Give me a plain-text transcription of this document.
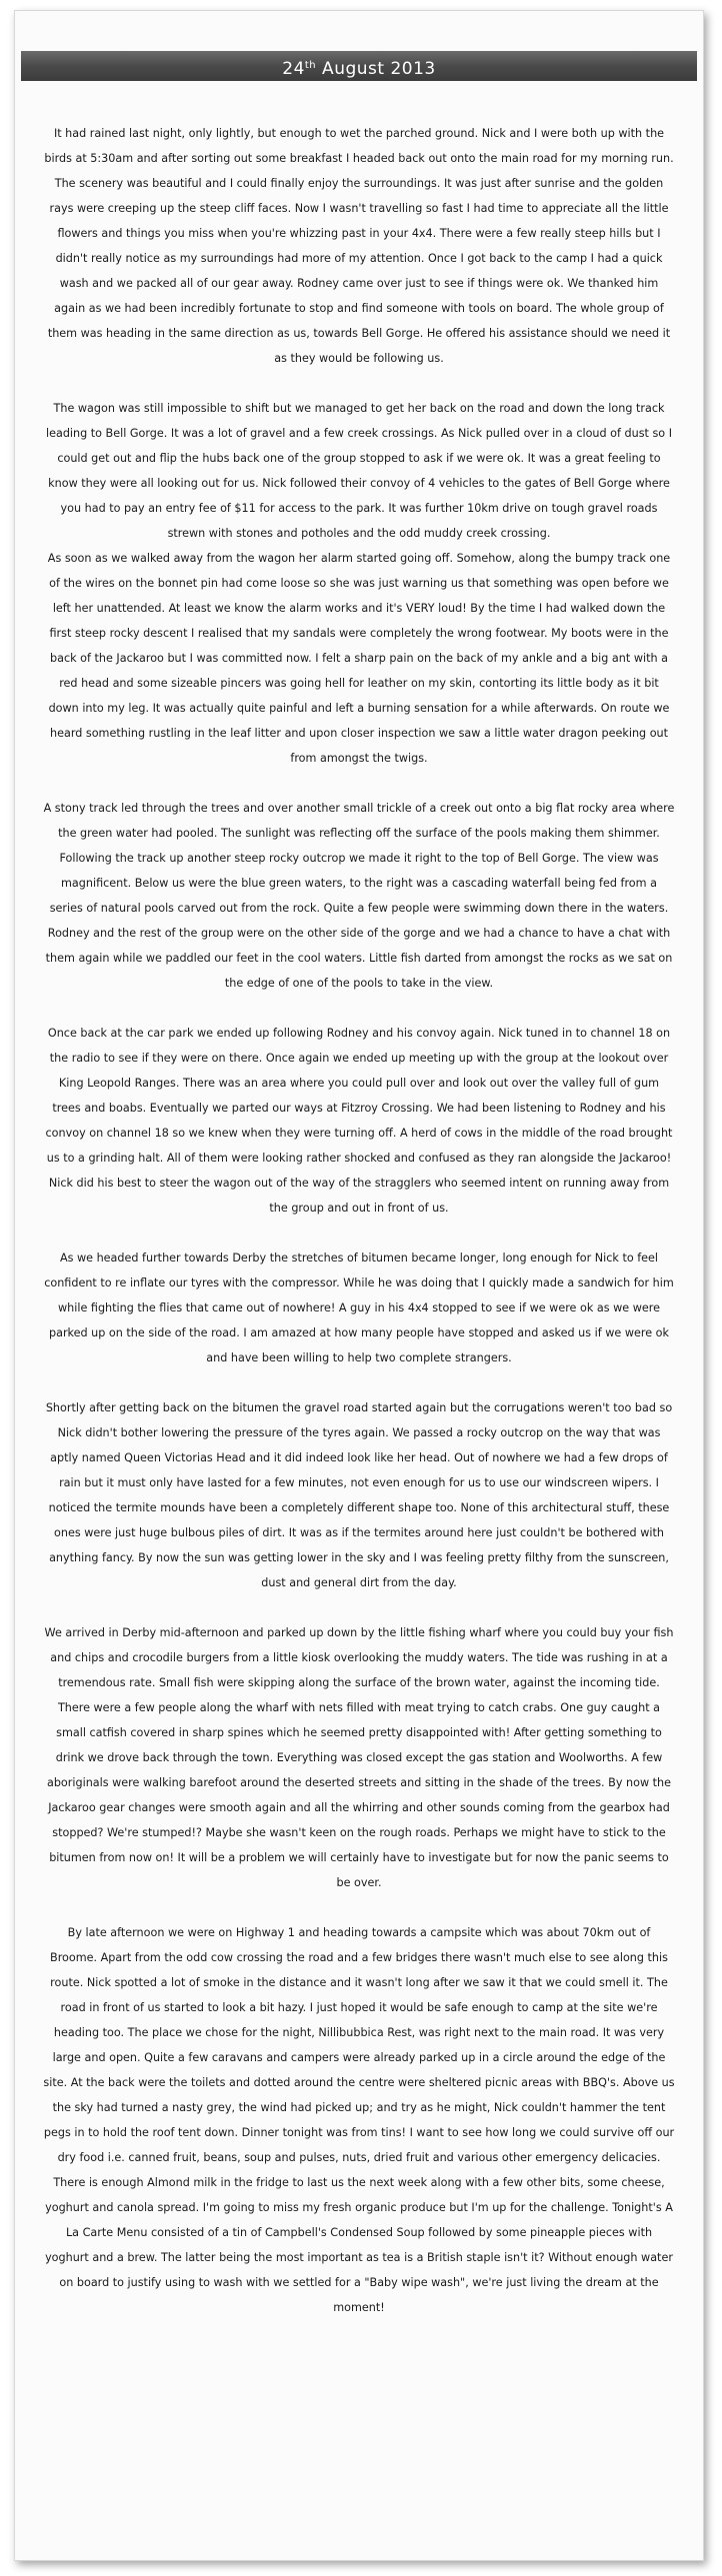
24th August 2013

It had rained last night, only lightly, but enough to wet the parched ground. Nick and I were both up with the birds at 5:30am and after sorting out some breakfast I headed back out onto the main road for my morning run. The scenery was beautiful and I could finally enjoy the surroundings. It was just after sunrise and the golden rays were creeping up the steep cliff faces. Now I wasn't travelling so fast I had time to appreciate all the little flowers and things you miss when you're whizzing past in your 4x4. There were a few really steep hills but I didn't really notice as my surroundings had more of my attention. Once I got back to the camp I had a quick wash and we packed all of our gear away. Rodney came over just to see if things were ok. We thanked him again as we had been incredibly fortunate to stop and find someone with tools on board. The whole group of them was heading in the same direction as us, towards Bell Gorge. He offered his assistance should we need it as they would be following us.

The wagon was still impossible to shift but we managed to get her back on the road and down the long track leading to Bell Gorge. It was a lot of gravel and a few creek crossings. As Nick pulled over in a cloud of dust so I could get out and flip the hubs back one of the group stopped to ask if we were ok. It was a great feeling to know they were all looking out for us. Nick followed their convoy of 4 vehicles to the gates of Bell Gorge where you had to pay an entry fee of $11 for access to the park. It was further 10km drive on tough gravel roads strewn with stones and potholes and the odd muddy creek crossing.

As soon as we walked away from the wagon her alarm started going off. Somehow, along the bumpy track one of the wires on the bonnet pin had come loose so she was just warning us that something was open before we left her unattended. At least we know the alarm works and it's VERY loud! By the time I had walked down the first steep rocky descent I realised that my sandals were completely the wrong footwear. My boots were in the back of the Jackaroo but I was committed now. I felt a sharp pain on the back of my ankle and a big ant with a red head and some sizeable pincers was going hell for leather on my skin, contorting its little body as it bit down into my leg. It was actually quite painful and left a burning sensation for a while afterwards. On route we heard something rustling in the leaf litter and upon closer inspection we saw a little water dragon peeking out from amongst the twigs.

A stony track led through the trees and over another small trickle of a creek out onto a big flat rocky area where the green water had pooled. The sunlight was reflecting off the surface of the pools making them shimmer. Following the track up another steep rocky outcrop we made it right to the top of Bell Gorge. The view was magnificent. Below us were the blue green waters, to the right was a cascading waterfall being fed from a series of natural pools carved out from the rock. Quite a few people were swimming down there in the waters. Rodney and the rest of the group were on the other side of the gorge and we had a chance to have a chat with them again while we paddled our feet in the cool waters. Little fish darted from amongst the rocks as we sat on the edge of one of the pools to take in the view.

Once back at the car park we ended up following Rodney and his convoy again. Nick tuned in to channel 18 on the radio to see if they were on there. Once again we ended up meeting up with the group at the lookout over King Leopold Ranges. There was an area where you could pull over and look out over the valley full of gum trees and boabs. Eventually we parted our ways at Fitzroy Crossing. We had been listening to Rodney and his convoy on channel 18 so we knew when they were turning off. A herd of cows in the middle of the road brought us to a grinding halt. All of them were looking rather shocked and confused as they ran alongside the Jackaroo! Nick did his best to steer the wagon out of the way of the stragglers who seemed intent on running away from the group and out in front of us.

As we headed further towards Derby the stretches of bitumen became longer, long enough for Nick to feel confident to re inflate our tyres with the compressor. While he was doing that I quickly made a sandwich for him while fighting the flies that came out of nowhere! A guy in his 4x4 stopped to see if we were ok as we were parked up on the side of the road. I am amazed at how many people have stopped and asked us if we were ok and have been willing to help two complete strangers.

Shortly after getting back on the bitumen the gravel road started again but the corrugations weren't too bad so Nick didn't bother lowering the pressure of the tyres again. We passed a rocky outcrop on the way that was aptly named Queen Victorias Head and it did indeed look like her head. Out of nowhere we had a few drops of rain but it must only have lasted for a few minutes, not even enough for us to use our windscreen wipers. I noticed the termite mounds have been a completely different shape too. None of this architectural stuff, these ones were just huge bulbous piles of dirt. It was as if the termites around here just couldn't be bothered with anything fancy. By now the sun was getting lower in the sky and I was feeling pretty filthy from the sunscreen, dust and general dirt from the day.

We arrived in Derby mid-afternoon and parked up down by the little fishing wharf where you could buy your fish and chips and crocodile burgers from a little kiosk overlooking the muddy waters. The tide was rushing in at a tremendous rate. Small fish were skipping along the surface of the brown water, against the incoming tide. There were a few people along the wharf with nets filled with meat trying to catch crabs. One guy caught a small catfish covered in sharp spines which he seemed pretty disappointed with! After getting something to drink we drove back through the town. Everything was closed except the gas station and Woolworths. A few aboriginals were walking barefoot around the deserted streets and sitting in the shade of the trees. By now the Jackaroo gear changes were smooth again and all the whirring and other sounds coming from the gearbox had stopped? We're stumped!? Maybe she wasn't keen on the rough roads. Perhaps we might have to stick to the bitumen from now on! It will be a problem we will certainly have to investigate but for now the panic seems to be over.

By late afternoon we were on Highway 1 and heading towards a campsite which was about 70km out of Broome. Apart from the odd cow crossing the road and a few bridges there wasn't much else to see along this route. Nick spotted a lot of smoke in the distance and it wasn't long after we saw it that we could smell it. The road in front of us started to look a bit hazy. I just hoped it would be safe enough to camp at the site we're heading too. The place we chose for the night, Nillibubbica Rest, was right next to the main road. It was very large and open. Quite a few caravans and campers were already parked up in a circle around the edge of the site. At the back were the toilets and dotted around the centre were sheltered picnic areas with BBQ's. Above us the sky had turned a nasty grey, the wind had picked up; and try as he might, Nick couldn't hammer the tent pegs in to hold the roof tent down. Dinner tonight was from tins! I want to see how long we could survive off our dry food i.e. canned fruit, beans, soup and pulses, nuts, dried fruit and various other emergency delicacies. There is enough Almond milk in the fridge to last us the next week along with a few other bits, some cheese, yoghurt and canola spread. I'm going to miss my fresh organic produce but I'm up for the challenge. Tonight's A La Carte Menu consisted of a tin of Campbell's Condensed Soup followed by some pineapple pieces with yoghurt and a brew. The latter being the most important as tea is a British staple isn't it? Without enough water on board to justify using to wash with we settled for a "Baby wipe wash", we're just living the dream at the moment!
